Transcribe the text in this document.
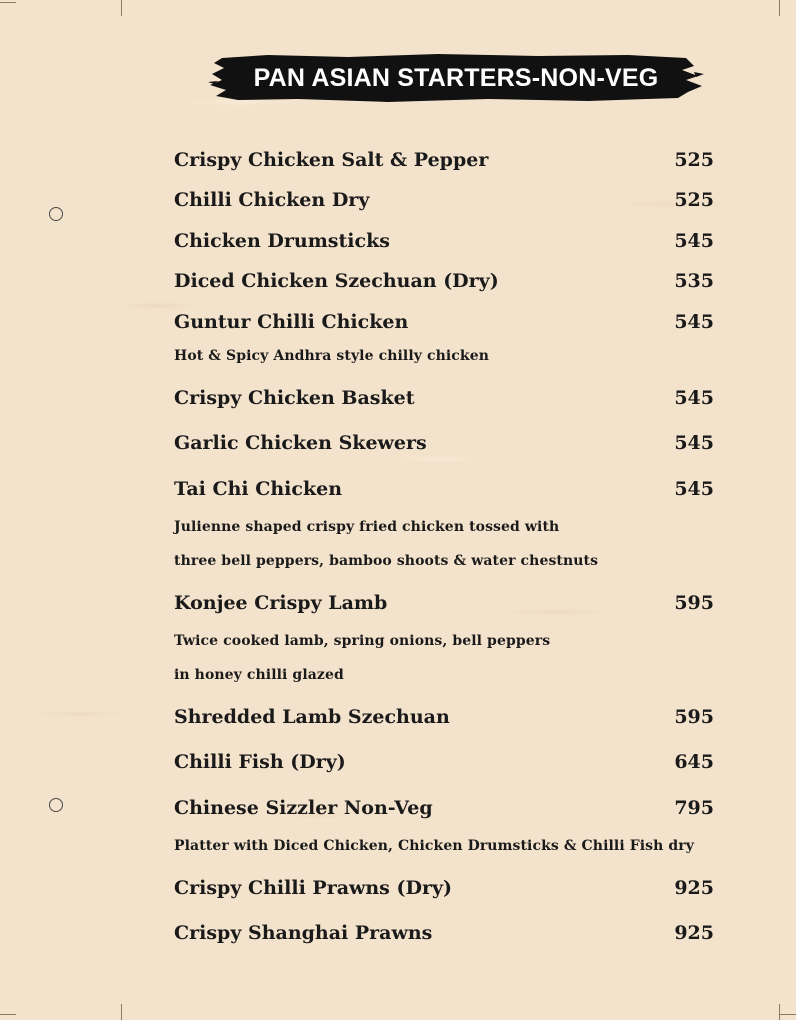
PAN ASIAN STARTERS-NON-VEG
Crispy Chicken Salt & Pepper	525
Chilli Chicken Dry	525
Chicken Drumsticks	545
Diced Chicken Szechuan (Dry)	535
Guntur Chilli Chicken	545
Hot & Spicy Andhra style chilly chicken
Crispy Chicken Basket	545
Garlic Chicken Skewers	545
Tai Chi Chicken	545
Julienne shaped crispy fried chicken tossed with
three bell peppers, bamboo shoots & water chestnuts
Konjee Crispy Lamb	595
Twice cooked lamb, spring onions, bell peppers
in honey chilli glazed
Shredded Lamb Szechuan	595
Chilli Fish (Dry)	645
Chinese Sizzler Non-Veg	795
Platter with Diced Chicken, Chicken Drumsticks & Chilli Fish dry
Crispy Chilli Prawns (Dry)	925
Crispy Shanghai Prawns	925
